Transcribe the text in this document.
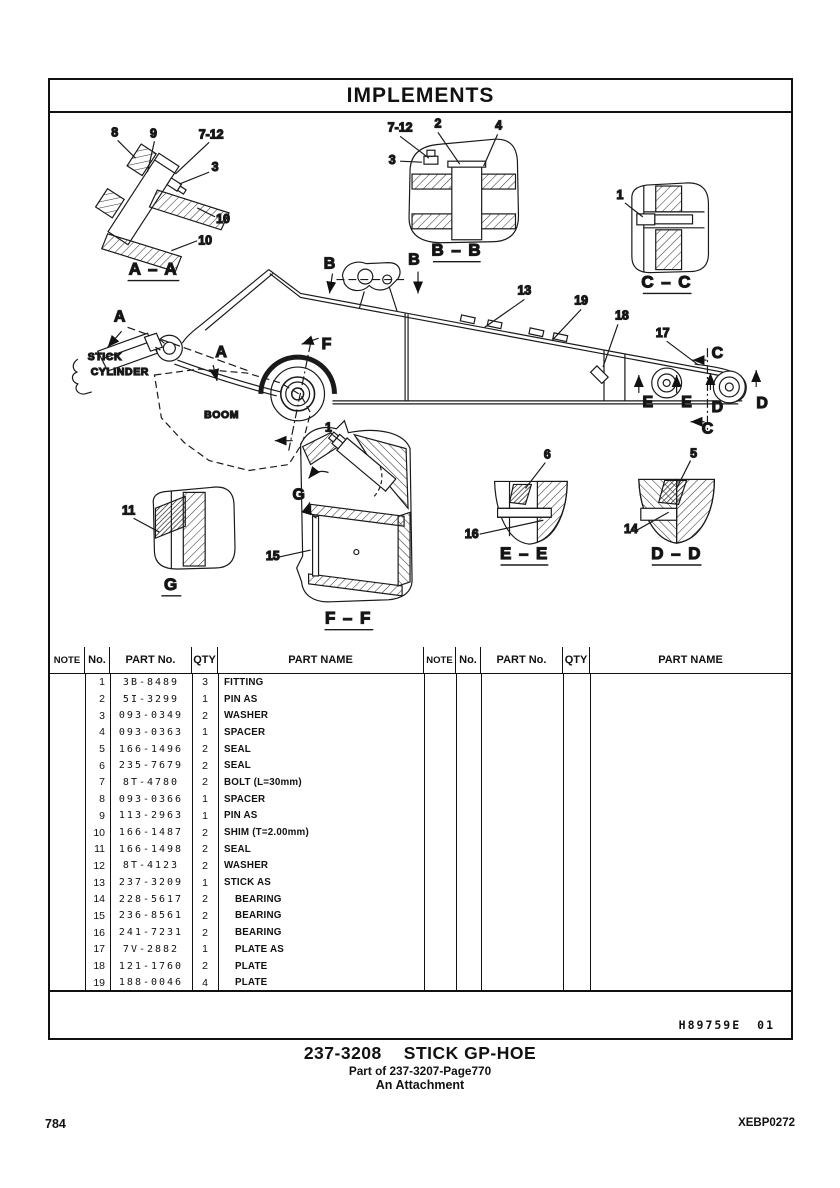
IMPLEMENTS
8	9	7-12
3
10
10
A – A
7-12 2	4
3
B – B
1
C – C
13
19
18
17
A
A
B	B
F
C
C
E E D D
STICK
CYLINDER
BOOM
11
G
1
G
15
F – F
6
16
E – E
5
14
D – D
NOTE No.	PART No.	QTY	PART NAME	NOTE No.	PART No.	QTY	PART NAME
1	3B-8489	3	FITTING
2	5I-3299	1	PIN AS
3	093-0349	2	WASHER
4	093-0363	1	SPACER
5	166-1496	2	SEAL
6	235-7679	2	SEAL
7	8T-4780	2	BOLT (L=30mm)
8	093-0366	1	SPACER
9	113-2963	1	PIN AS
10	166-1487	2	SHIM (T=2.00mm)
11	166-1498	2	SEAL
12	8T-4123	2	WASHER
13	237-3209	1	STICK AS
14	228-5617	2	BEARING
15	236-8561	2	BEARING
16	241-7231	2	BEARING
17	7V-2882	1	PLATE AS
18	121-1760	2	PLATE
19	188-0046	4	PLATE
H89759E 01
237-3208 STICK GP-HOE
Part of 237-3207-Page770
An Attachment
784	XEBP0272
